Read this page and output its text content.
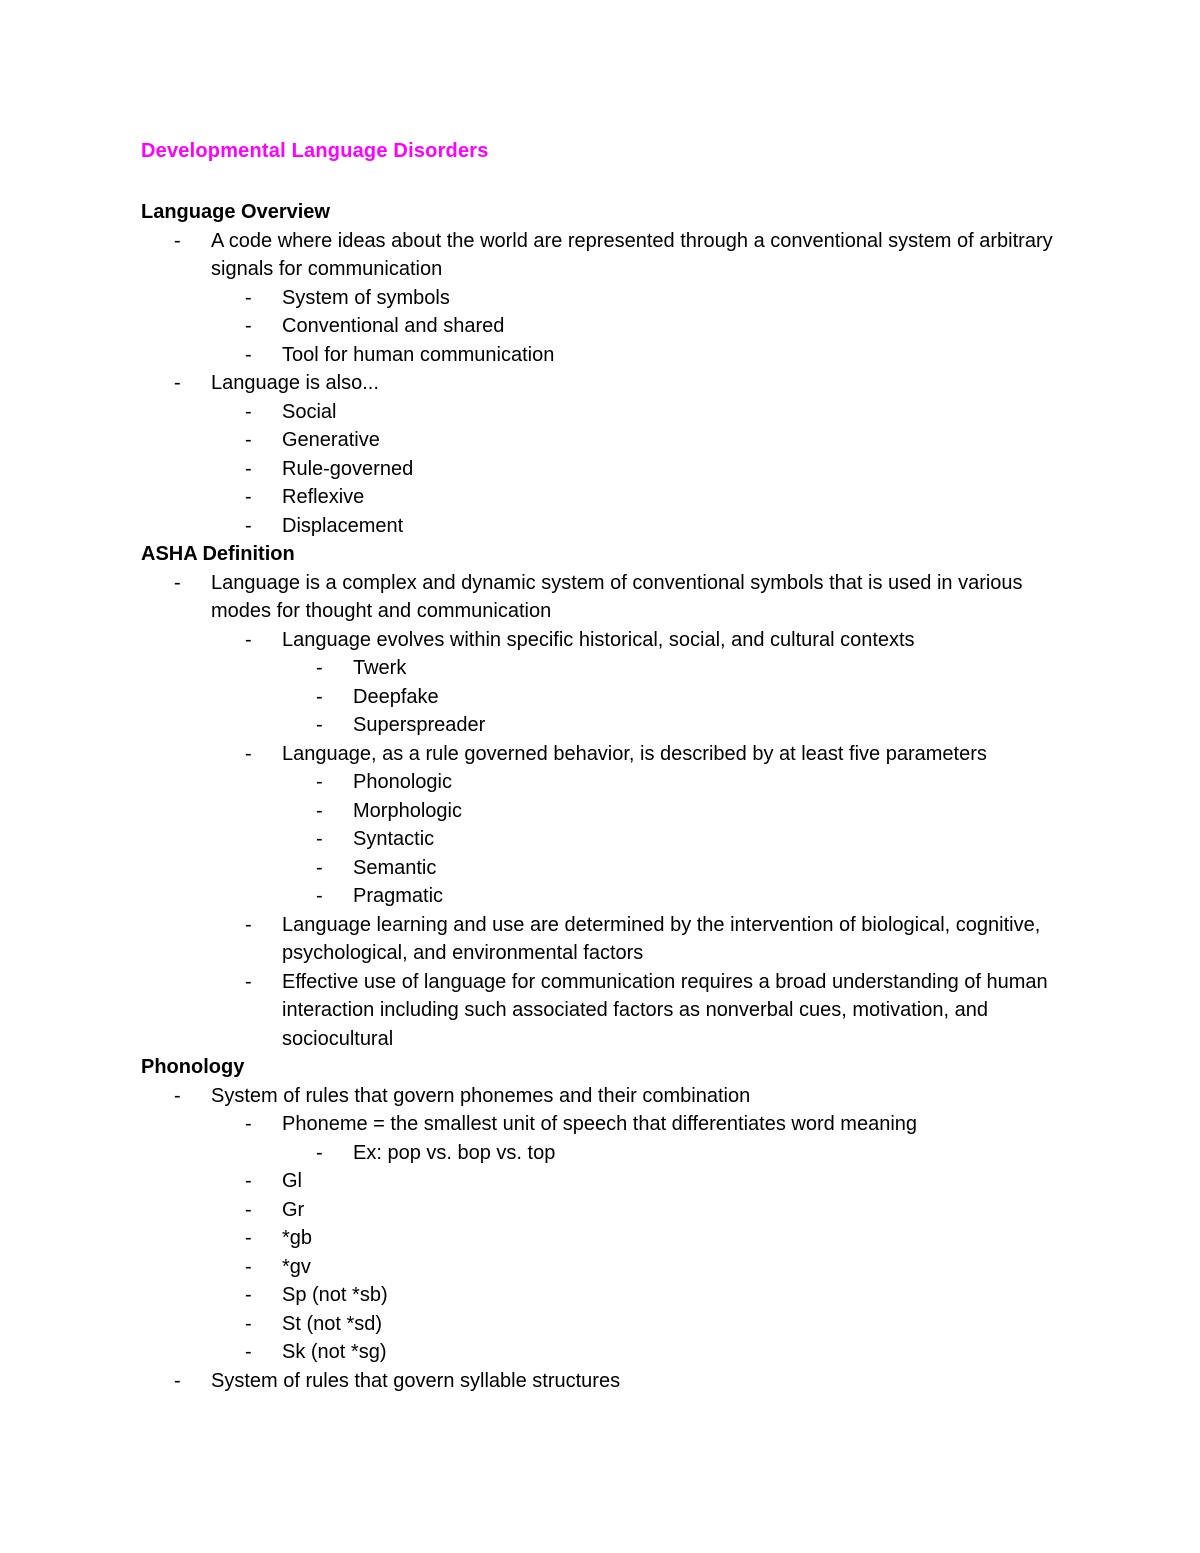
Developmental Language Disorders
Language Overview
- A code where ideas about the world are represented through a conventional system of arbitrary signals for communication
- System of symbols
- Conventional and shared
- Tool for human communication
- Language is also...
- Social
- Generative
- Rule-governed
- Reflexive
- Displacement
ASHA Definition
- Language is a complex and dynamic system of conventional symbols that is used in various modes for thought and communication
- Language evolves within specific historical, social, and cultural contexts
- Twerk
- Deepfake
- Superspreader
- Language, as a rule governed behavior, is described by at least five parameters
- Phonologic
- Morphologic
- Syntactic
- Semantic
- Pragmatic
- Language learning and use are determined by the intervention of biological, cognitive, psychological, and environmental factors
- Effective use of language for communication requires a broad understanding of human interaction including such associated factors as nonverbal cues, motivation, and sociocultural
Phonology
- System of rules that govern phonemes and their combination
- Phoneme = the smallest unit of speech that differentiates word meaning
- Ex: pop vs. bop vs. top
- Gl
- Gr
- *gb
- *gv
- Sp (not *sb)
- St (not *sd)
- Sk (not *sg)
- System of rules that govern syllable structures
